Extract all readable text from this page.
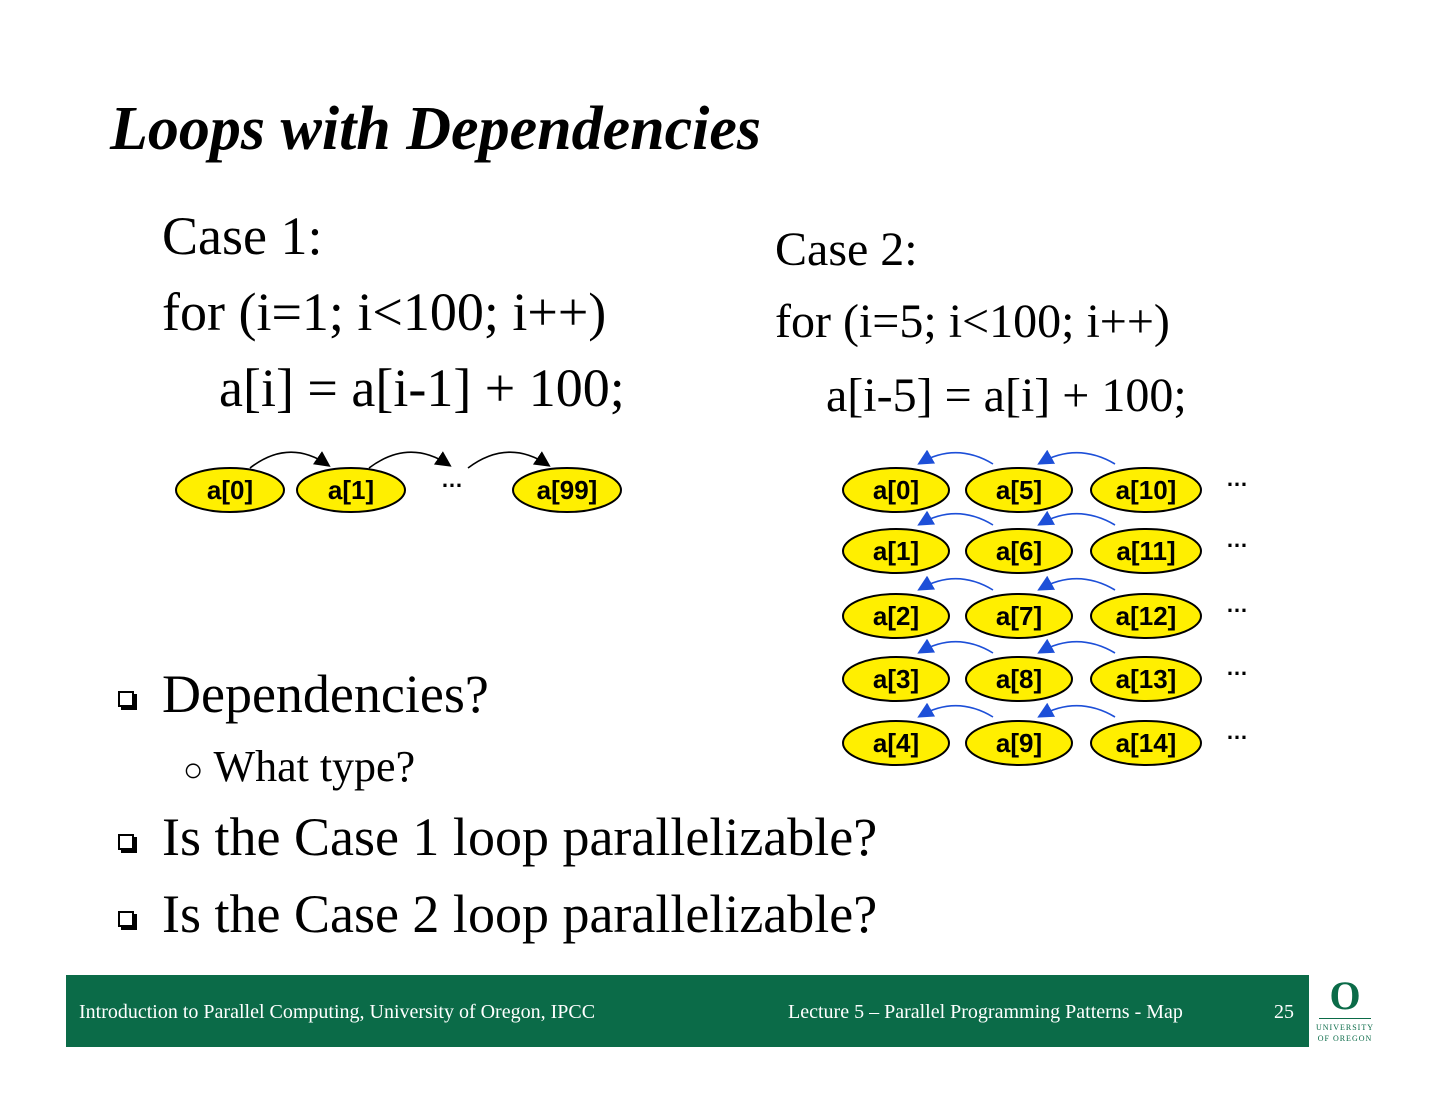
Loops with Dependencies
Case 1:
for (i=1; i<100; i++)
a[i] = a[i-1] + 100;
Case 2:
for (i=5; i<100; i++)
a[i-5] = a[i] + 100;
a[0]	a[1]	a[99]
…	a[0]	a[5]	a[10] …
a[1]	a[6]	a[11] …
a[2]	a[7]	a[12] …
a[3]	a[8]	a[13] …
a[4]	a[9]	a[14] …
Dependencies?
○ What type?
Is the Case 1 loop parallelizable?
Is the Case 2 loop parallelizable?
Introduction to Parallel Computing, University of Oregon, IPCC	Lecture 5 – Parallel Programming Patterns - Map	25 O
UNIVERSITY
OF OREGON
